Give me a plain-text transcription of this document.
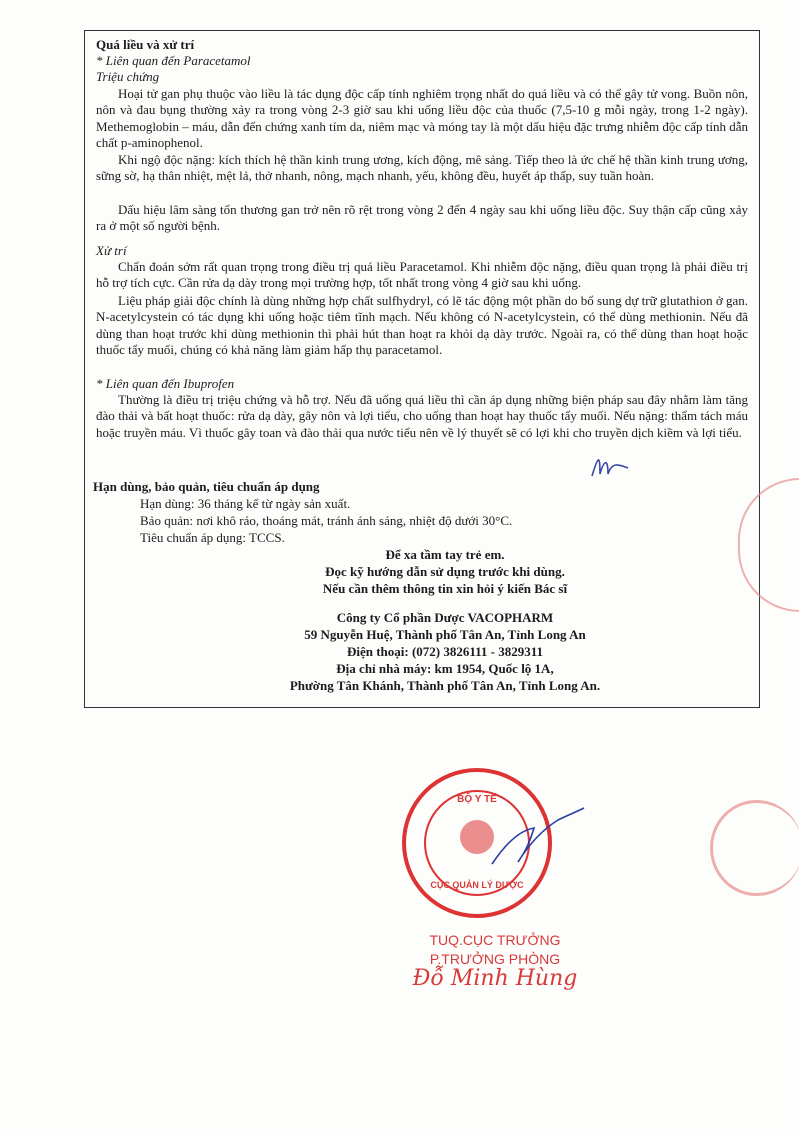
Quá liều và xử trí
* Liên quan đến Paracetamol
Triệu chứng
Hoại tử gan phụ thuộc vào liều là tác dụng độc cấp tính nghiêm trọng nhất do quá liều và có thể gây tử vong. Buồn nôn, nôn và đau bụng thường xảy ra trong vòng 2-3 giờ sau khi uống liều độc của thuốc (7,5-10 g mỗi ngày, trong 1-2 ngày). Methemoglobin – máu, dẫn đến chứng xanh tím da, niêm mạc và móng tay là một dấu hiệu đặc trưng nhiễm độc cấp tính dẫn chất p-aminophenol.
Khi ngộ độc nặng: kích thích hệ thần kinh trung ương, kích động, mê sảng. Tiếp theo là ức chế hệ thần kinh trung ương, sững sờ, hạ thân nhiệt, mệt lả, thở nhanh, nông, mạch nhanh, yếu, không đều, huyết áp thấp, suy tuần hoàn.
Dấu hiệu lâm sàng tổn thương gan trở nên rõ rệt trong vòng 2 đến 4 ngày sau khi uống liều độc. Suy thận cấp cũng xảy ra ở một số người bệnh.
Xử trí
Chẩn đoán sớm rất quan trọng trong điều trị quá liều Paracetamol. Khi nhiễm độc nặng, điều quan trọng là phải điều trị hỗ trợ tích cực. Cần rửa dạ dày trong mọi trường hợp, tốt nhất trong vòng 4 giờ sau khi uống.
Liệu pháp giải độc chính là dùng những hợp chất sulfhydryl, có lẽ tác động một phần do bổ sung dự trữ glutathion ở gan. N-acetylcystein có tác dụng khi uống hoặc tiêm tĩnh mạch. Nếu không có N-acetylcystein, có thể dùng methionin. Nếu đã dùng than hoạt trước khi dùng methionin thì phải hút than hoạt ra khỏi dạ dày trước. Ngoài ra, có thể dùng than hoạt hoặc thuốc tẩy muối, chúng có khả năng làm giảm hấp thụ paracetamol.
* Liên quan đến Ibuprofen
Thường là điều trị triệu chứng và hỗ trợ. Nếu đã uống quá liều thì cần áp dụng những biện pháp sau đây nhằm làm tăng đào thải và bất hoạt thuốc: rửa dạ dày, gây nôn và lợi tiểu, cho uống than hoạt hay thuốc tẩy muối. Nếu nặng: thẩm tách máu hoặc truyền máu. Vì thuốc gây toan và đào thải qua nước tiểu nên về lý thuyết sẽ có lợi khi cho truyền dịch kiềm và lợi tiểu.
Hạn dùng, bảo quản, tiêu chuẩn áp dụng
Hạn dùng: 36 tháng kể từ ngày sản xuất.
Bảo quản: nơi khô ráo, thoáng mát, tránh ánh sáng, nhiệt độ dưới 30°C.
Tiêu chuẩn áp dụng: TCCS.
Để xa tầm tay trẻ em.
Đọc kỹ hướng dẫn sử dụng trước khi dùng.
Nếu cần thêm thông tin xin hỏi ý kiến Bác sĩ
Công ty Cổ phần Dược VACOPHARM
59 Nguyễn Huệ, Thành phố Tân An, Tỉnh Long An
Điện thoại: (072) 3826111 - 3829311
Địa chỉ nhà máy: km 1954, Quốc lộ 1A,
Phường Tân Khánh, Thành phố Tân An, Tỉnh Long An.
BỘ Y TẾ
CỤC QUẢN LÝ DƯỢC
TUQ.CỤC TRƯỞNG
P.TRƯỞNG PHÒNG
Đỗ Minh Hùng
